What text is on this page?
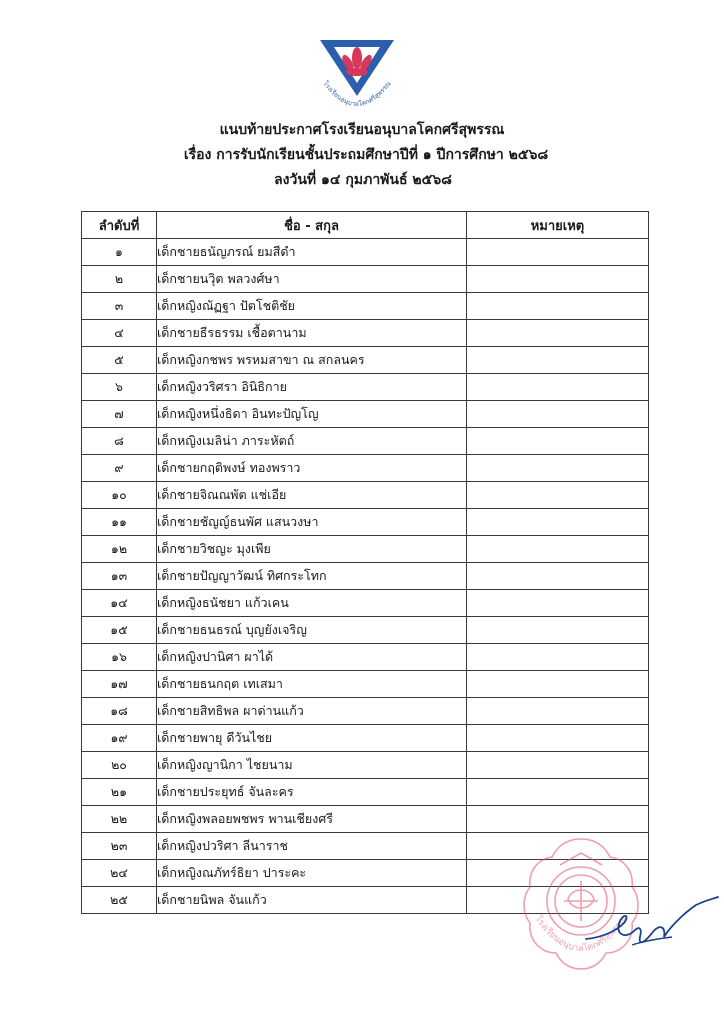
โรงเรียนอนุบาลโคกศรีสุพรรณ
แนบท้ายประกาศโรงเรียนอนุบาลโคกศรีสุพรรณ
เรื่อง การรับนักเรียนชั้นประถมศึกษาปีที่ ๑ ปีการศึกษา ๒๕๖๘
ลงวันที่ ๑๔ กุมภาพันธ์ ๒๕๖๘
ลำดับที่	ชื่อ - สกุล	หมายเหตุ
๑	เด็กชายธนัญภรณ์ ยมสีดำ	
๒	เด็กชายนวุิต พลวงศ์ษา	
๓	เด็กหญิงณัฏฐา ปัตโชติชัย	
๔	เด็กชายธีรธรรม เชื้อตานาม	
๕	เด็กหญิงกชพร พรหมสาขา ณ สกลนคร	
๖	เด็กหญิงวริศรา อินิธิกาย	
๗	เด็กหญิงหนึ่งธิดา อินทะปัญโญ	
๘	เด็กหญิงเมลิน่า ภาระหัตถ์	
๙	เด็กชายกฤติพงษ์ ทองพราว	
๑๐	เด็กชายจิณณพัต แช่เอีย	
๑๑	เด็กชายชัญญ์ธนพัศ แสนวงษา	
๑๒	เด็กชายวิชญะ มุงเพีย	
๑๓	เด็กชายปัญญาวัฒน์ ทิศกระโทก	
๑๔	เด็กหญิงธนัชยา แก้วเคน	
๑๕	เด็กชายธนธรณ์ บุญยังเจริญ	
๑๖	เด็กหญิงปานิศา ผาได้	
๑๗	เด็กชายธนกฤต เทเสมา	
๑๘	เด็กชายสิทธิพล ผาด่านแก้ว	
๑๙	เด็กชายพายุ ดีวันไชย	
๒๐	เด็กหญิงญานิกา ไชยนาม	
๒๑	เด็กชายประยุทธ์ จันละคร	
๒๒	เด็กหญิงพลอยพชพร พานเชียงศรี	
๒๓	เด็กหญิงปวริศา ลีนาราช	
๒๔	เด็กหญิงณภัทร์ธิยา ปาระคะ	
๒๕	เด็กชายนิพล จันแก้ว	
โรงเรียนอนุบาลโคกศรีสุพรรณ
